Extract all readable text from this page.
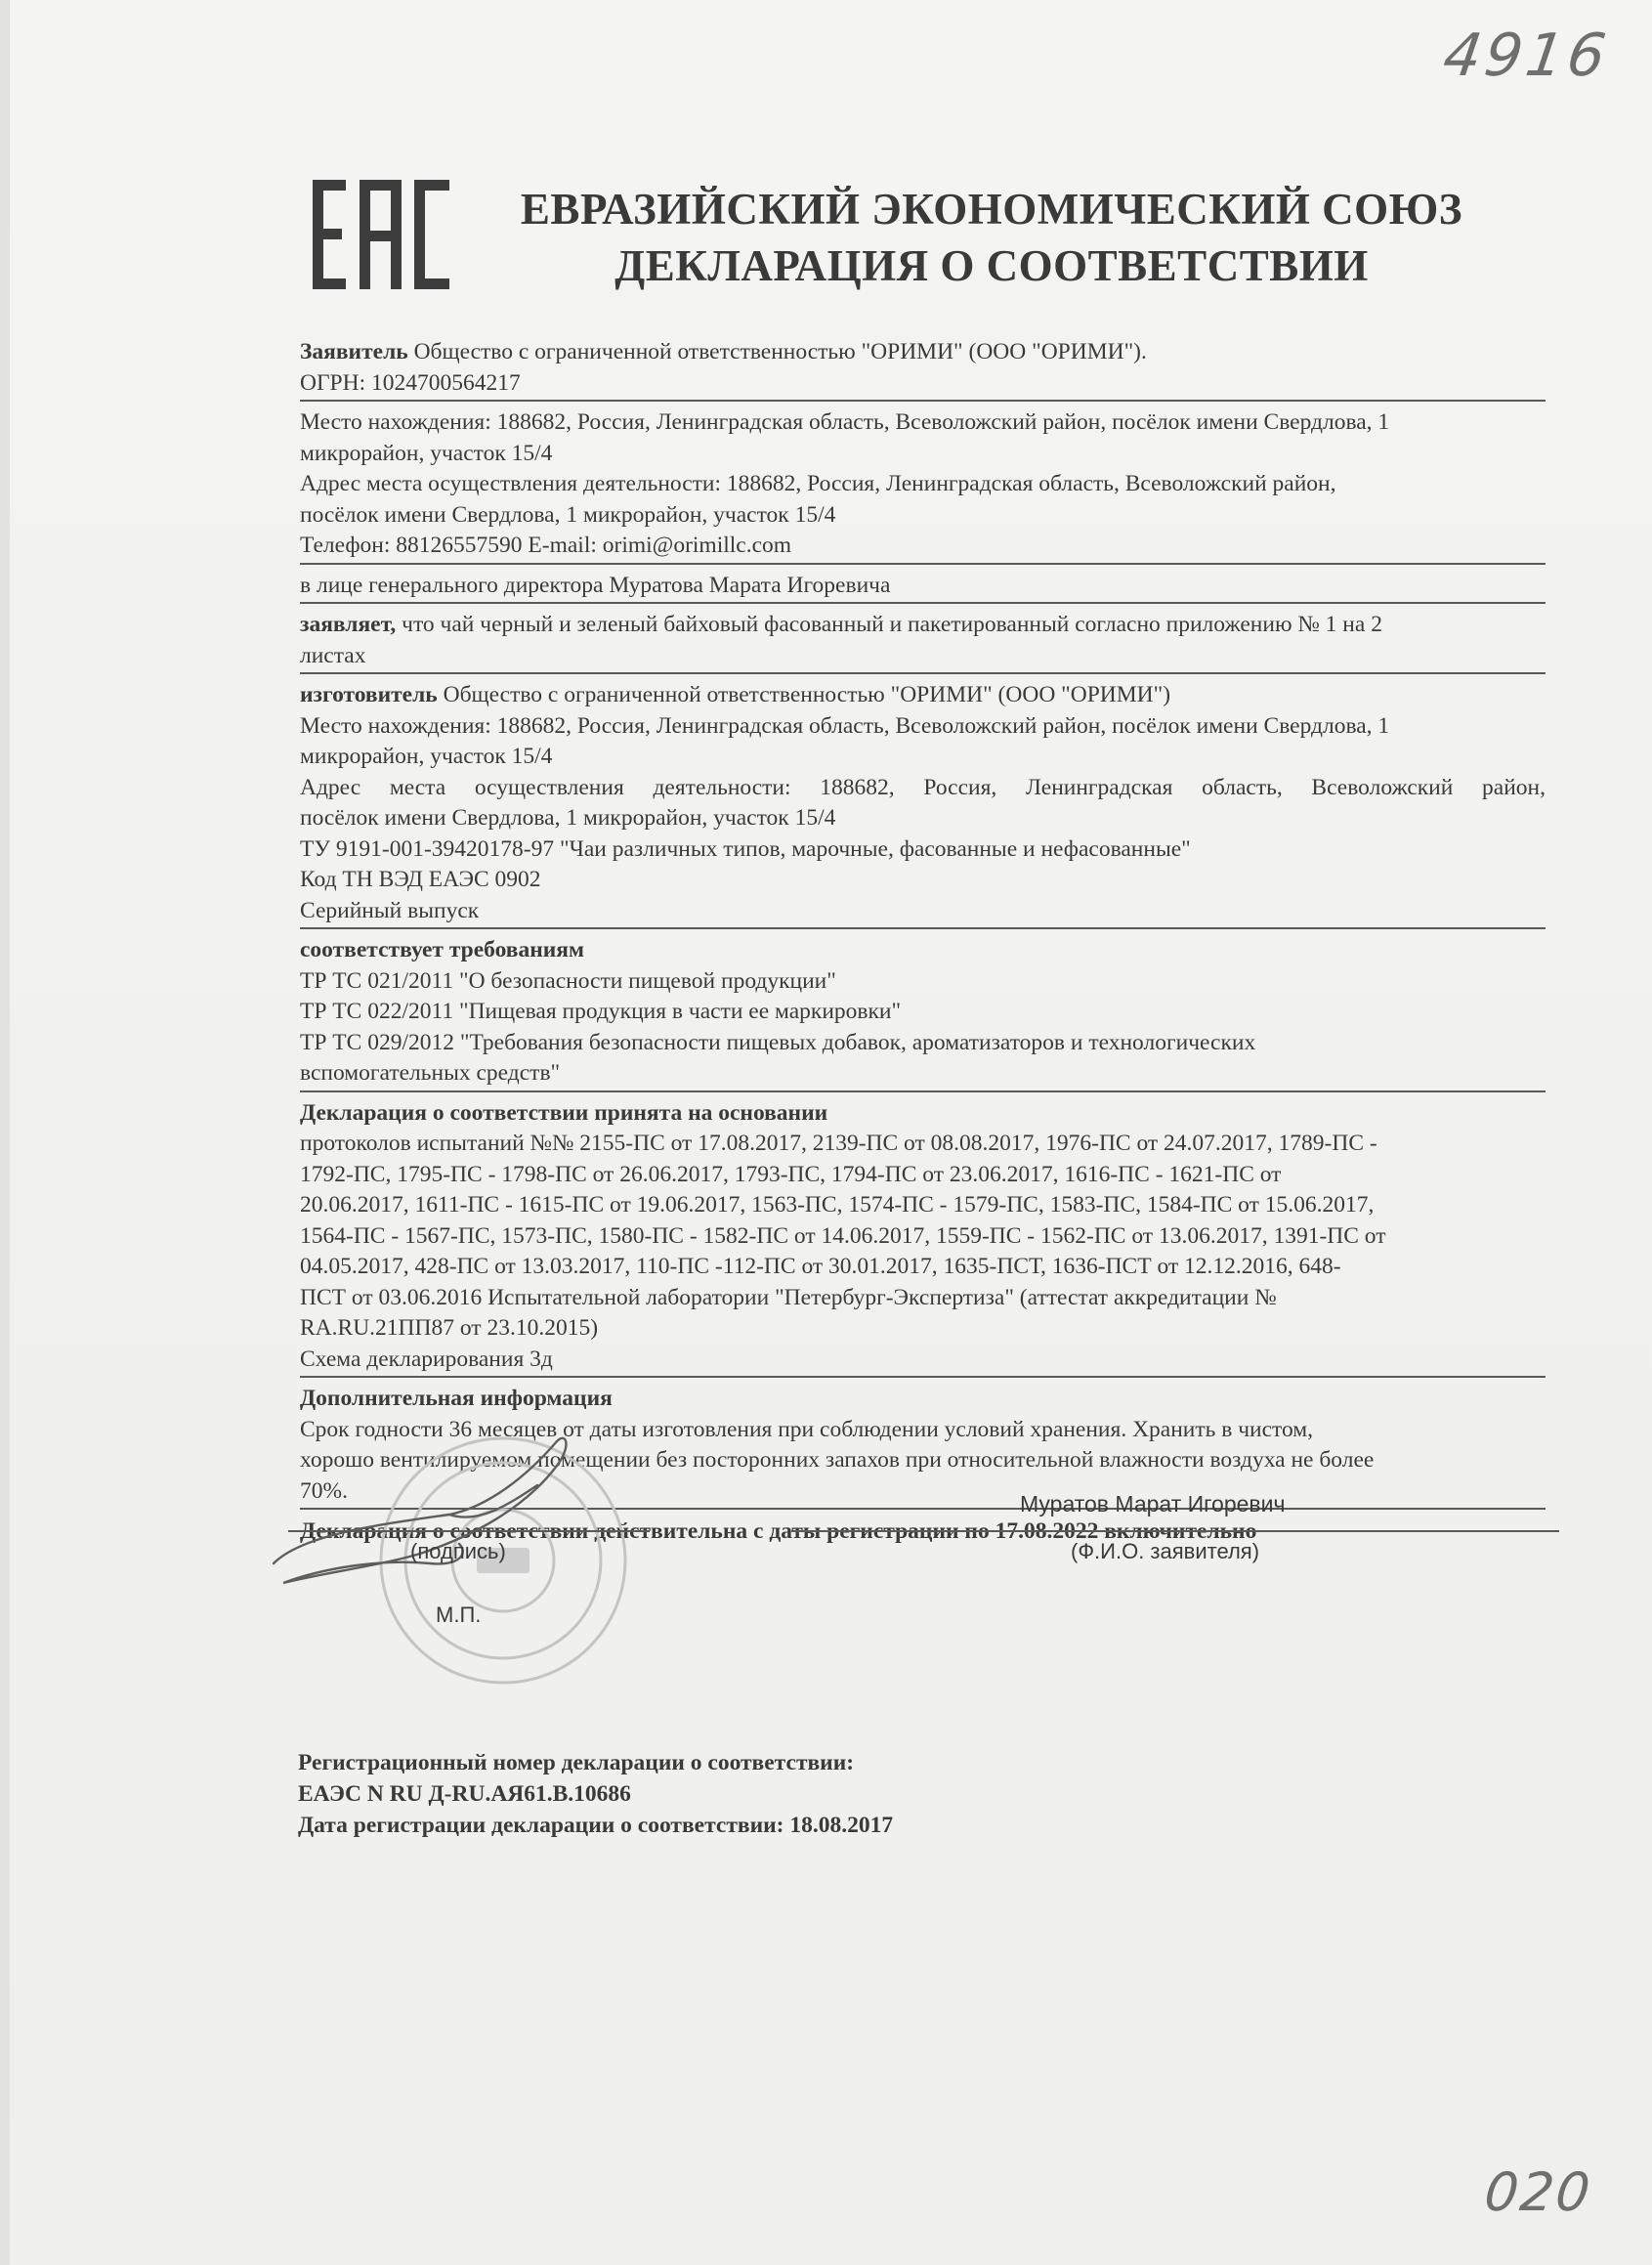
4916
ЕВРАЗИЙСКИЙ ЭКОНОМИЧЕСКИЙ СОЮЗ
ДЕКЛАРАЦИЯ О СООТВЕТСТВИИ
Заявитель Общество с ограниченной ответственностью "ОРИМИ" (ООО "ОРИМИ").
ОГРН: 1024700564217
Место нахождения: 188682, Россия, Ленинградская область, Всеволожский район, посёлок имени Свердлова, 1
микрорайон, участок 15/4
Адрес места осуществления деятельности: 188682, Россия, Ленинградская область, Всеволожский район,
посёлок имени Свердлова, 1 микрорайон, участок 15/4
Телефон: 88126557590 E-mail: orimi@orimillc.com
в лице генерального директора Муратова Марата Игоревича
заявляет, что чай черный и зеленый байховый фасованный и пакетированный согласно приложению № 1 на 2
листах
изготовитель Общество с ограниченной ответственностью "ОРИМИ" (ООО "ОРИМИ")
Место нахождения: 188682, Россия, Ленинградская область, Всеволожский район, посёлок имени Свердлова, 1
микрорайон, участок 15/4
Адрес места осуществления деятельности: 188682, Россия, Ленинградская область, Всеволожский район,
посёлок имени Свердлова, 1 микрорайон, участок 15/4
ТУ 9191-001-39420178-97 "Чаи различных типов, марочные, фасованные и нефасованные"
Код ТН ВЭД ЕАЭС 0902
Серийный выпуск
соответствует требованиям
ТР ТС 021/2011 "О безопасности пищевой продукции"
ТР ТС 022/2011 "Пищевая продукция в части ее маркировки"
ТР ТС 029/2012 "Требования безопасности пищевых добавок, ароматизаторов и технологических
вспомогательных средств"
Декларация о соответствии принята на основании
протоколов испытаний №№ 2155-ПС от 17.08.2017, 2139-ПС от 08.08.2017, 1976-ПС от 24.07.2017, 1789-ПС -
1792-ПС, 1795-ПС - 1798-ПС от 26.06.2017, 1793-ПС, 1794-ПС от 23.06.2017, 1616-ПС - 1621-ПС от
20.06.2017, 1611-ПС - 1615-ПС от 19.06.2017, 1563-ПС, 1574-ПС - 1579-ПС, 1583-ПС, 1584-ПС от 15.06.2017,
1564-ПС - 1567-ПС, 1573-ПС, 1580-ПС - 1582-ПС от 14.06.2017, 1559-ПС - 1562-ПС от 13.06.2017, 1391-ПС от
04.05.2017, 428-ПС от 13.03.2017, 110-ПС -112-ПС от 30.01.2017, 1635-ПСТ, 1636-ПСТ от 12.12.2016, 648-
ПСТ от 03.06.2016 Испытательной лаборатории "Петербург-Экспертиза" (аттестат аккредитации №
RA.RU.21ПП87 от 23.10.2015)
Схема декларирования 3д
Дополнительная информация
Срок годности 36 месяцев от даты изготовления при соблюдении условий хранения. Хранить в чистом,
хорошо вентилируемом помещении без посторонних запахов при относительной влажности воздуха не более
70%.
Декларация о соответствии действительна с даты регистрации по 17.08.2022 включительно
Муратов Марат Игоревич
(подпись)	(Ф.И.О. заявителя)
М.П.
Регистрационный номер декларации о соответствии:
ЕАЭС N RU Д-RU.АЯ61.В.10686
Дата регистрации декларации о соответствии: 18.08.2017
020
